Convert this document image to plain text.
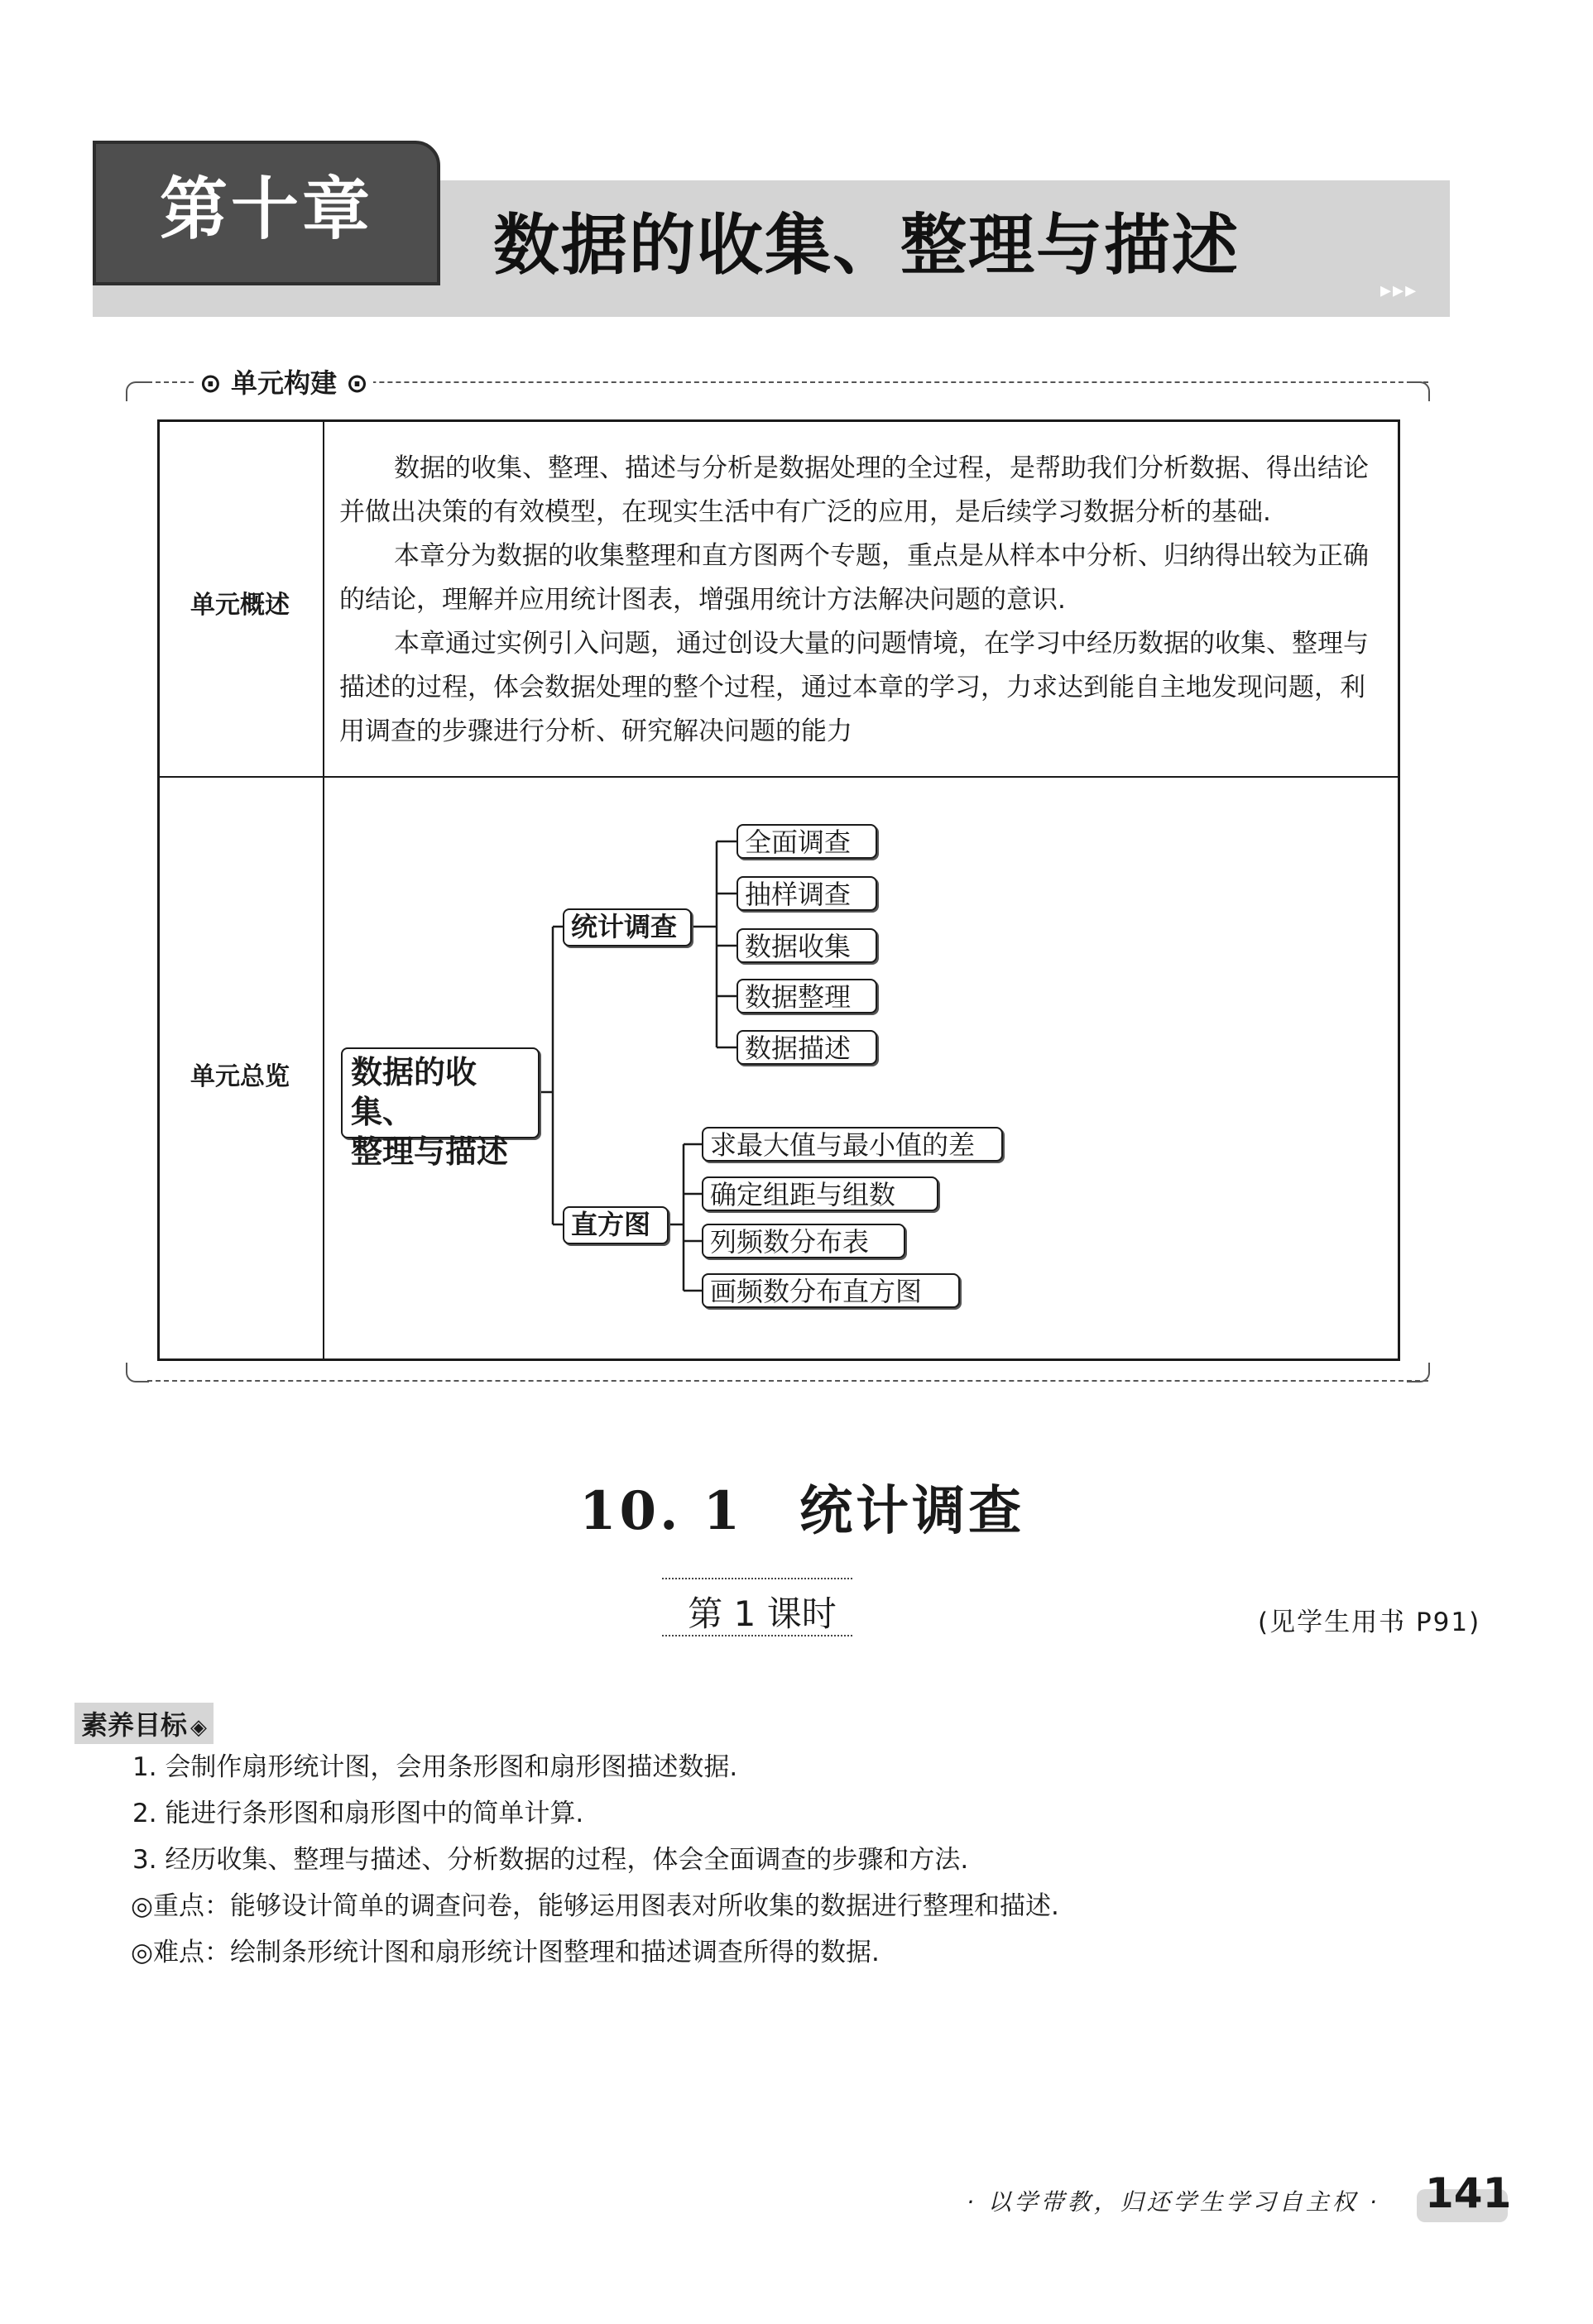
第十章	数据的收集、整理与描述
▸▸▸
⊙ 单元构建 ⊙
单元概述
数据的收集、整理、描述与分析是数据处理的全过程，是帮助我们分析数据、得出结论并做出决策的有效模型，在现实生活中有广泛的应用，是后续学习数据分析的基础.
本章分为数据的收集整理和直方图两个专题，重点是从样本中分析、归纳得出较为正确的结论，理解并应用统计图表，增强用统计方法解决问题的意识.
本章通过实例引入问题，通过创设大量的问题情境，在学习中经历数据的收集、整理与描述的过程，体会数据处理的整个过程，通过本章的学习，力求达到能自主地发现问题，利用调查的步骤进行分析、研究解决问题的能力
单元总览	数据的收集、
整理与描述
统计调查
全面调查
抽样调查
数据收集
数据整理
数据描述
直方图
求最大值与最小值的差
确定组距与组数
列频数分布表
画频数分布直方图
10. 1　统计调查
第 1 课时	(见学生用书 P91)
素养目标 ◈
1. 会制作扇形统计图，会用条形图和扇形图描述数据.
2. 能进行条形图和扇形图中的简单计算.
3. 经历收集、整理与描述、分析数据的过程，体会全面调查的步骤和方法.
◎重点：能够设计简单的调查问卷，能够运用图表对所收集的数据进行整理和描述.
◎难点：绘制条形统计图和扇形统计图整理和描述调查所得的数据.
· 以学带教，归还学生学习自主权 · 141
